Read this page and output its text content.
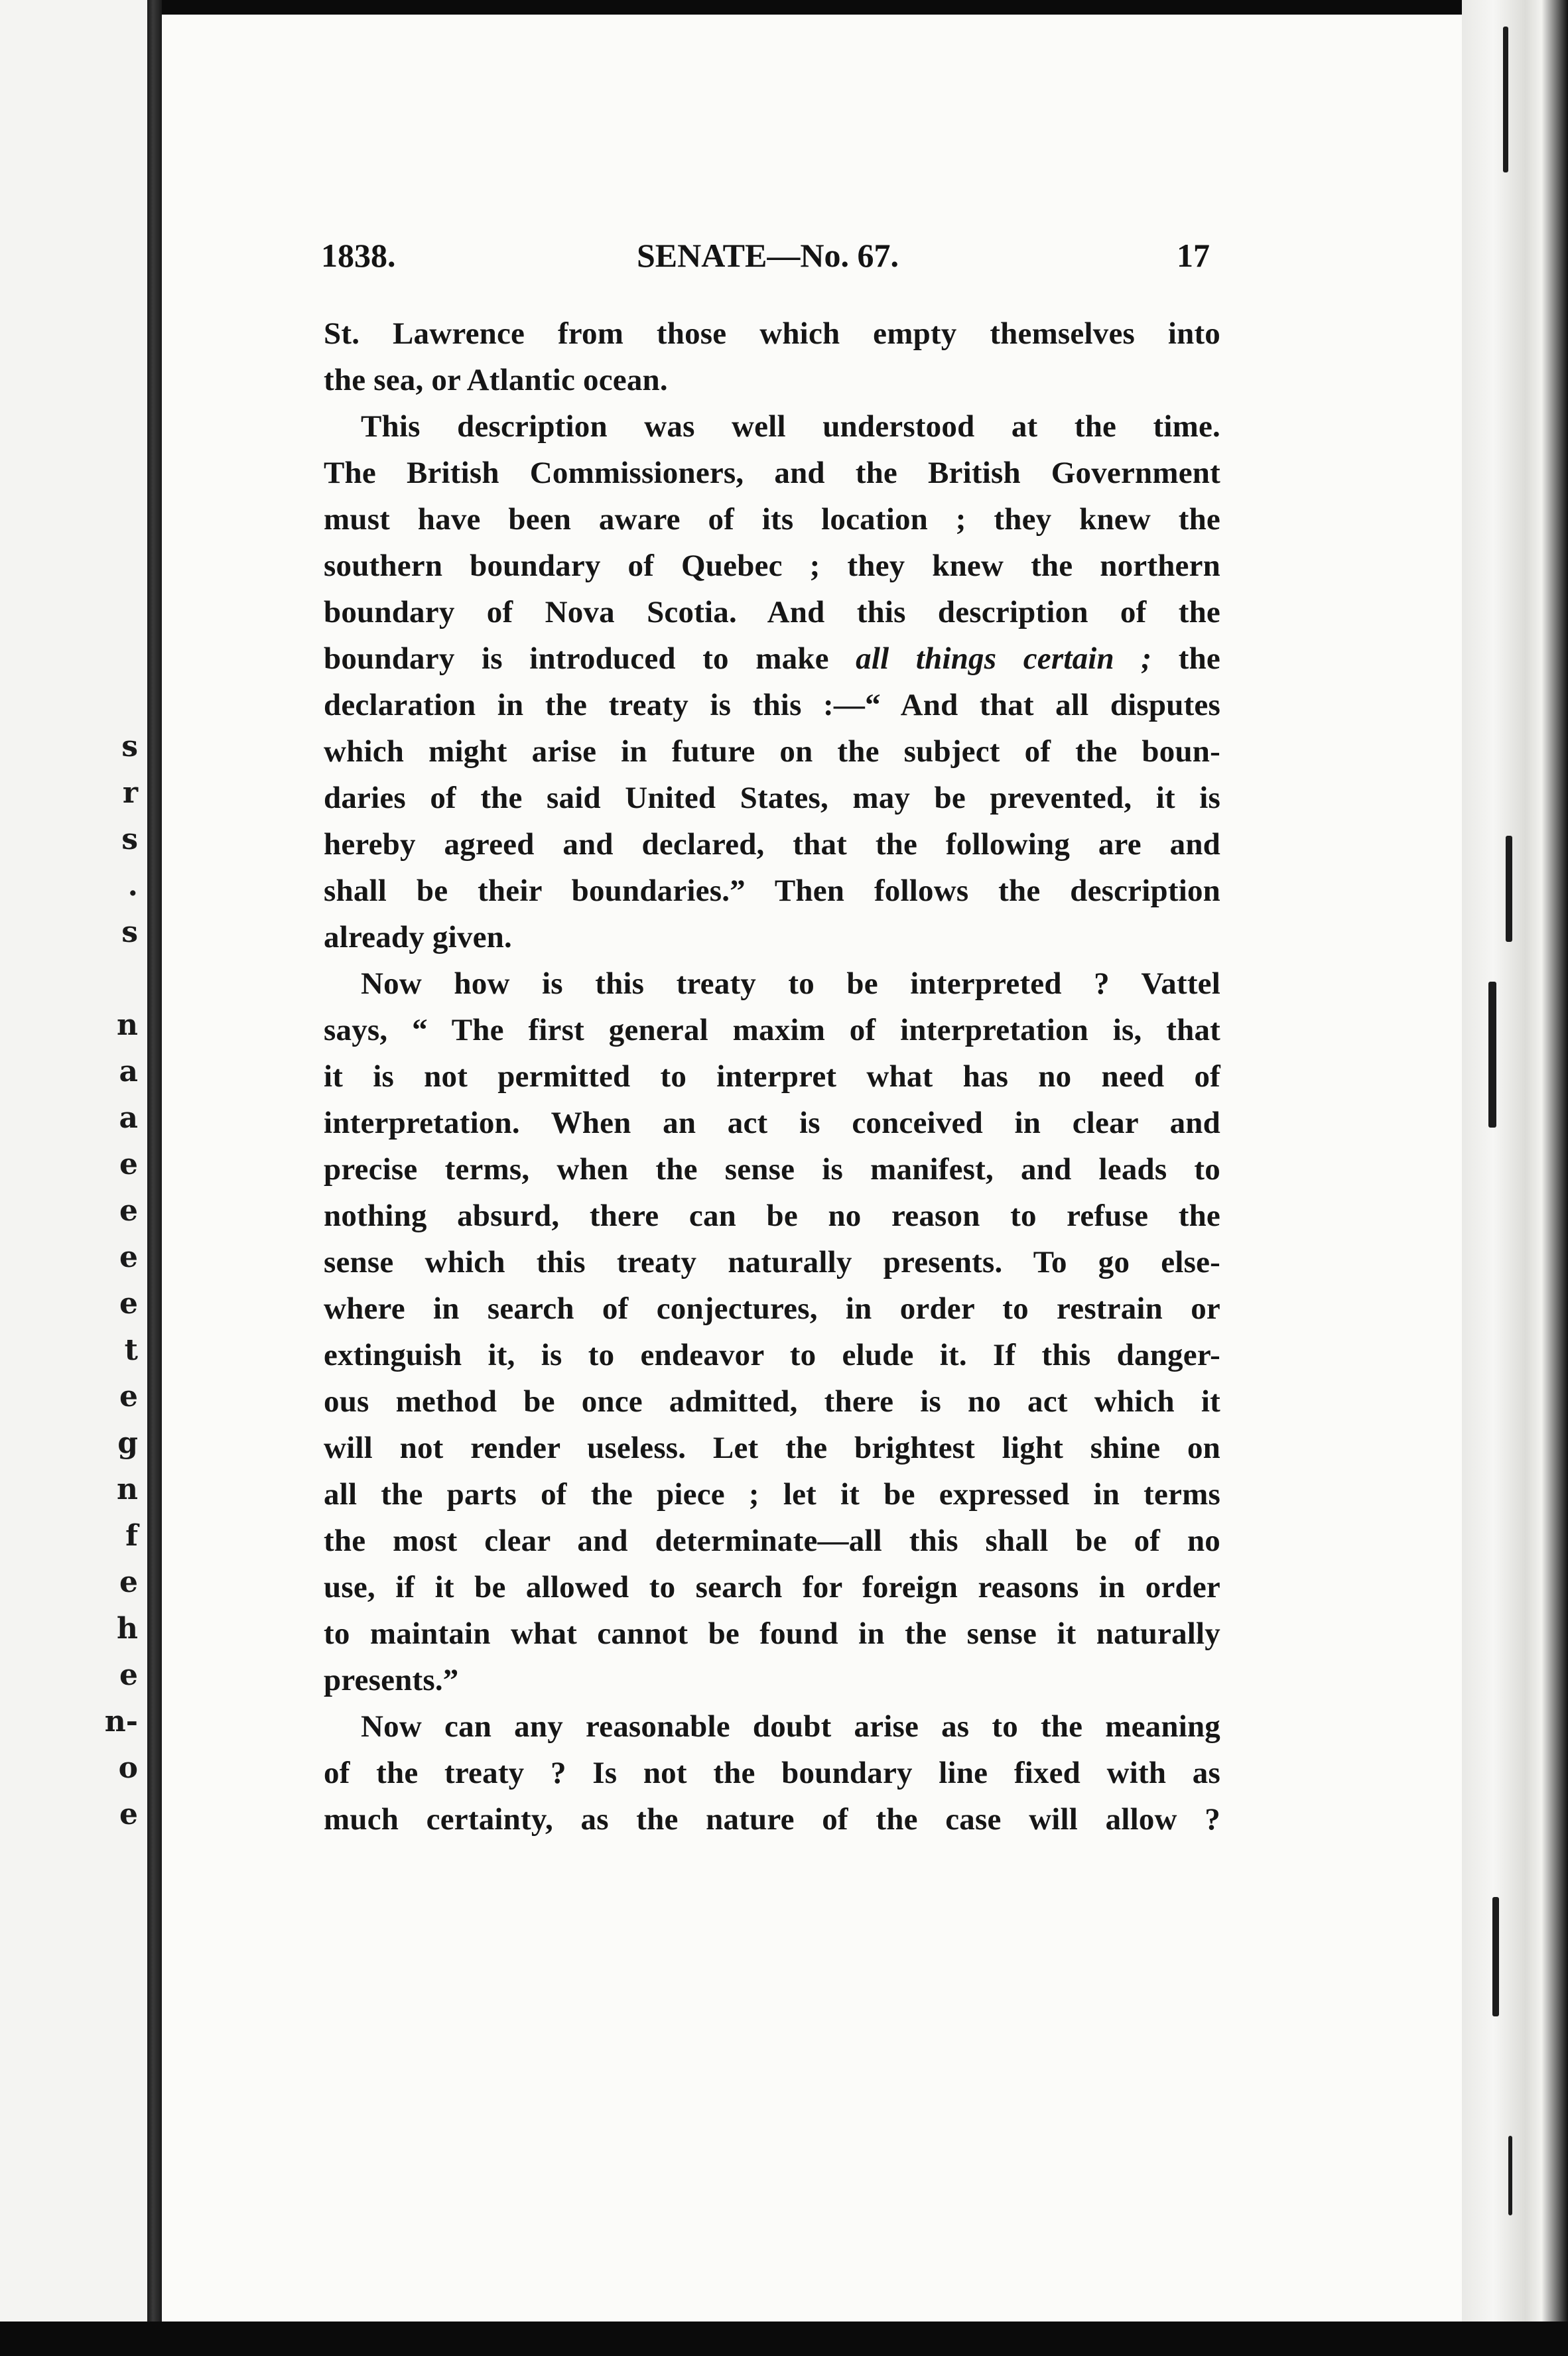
s
r
s
.
s
n
a
a
e
e
e
e
t
e
g
n
f
e
h
e
n-
o
e
1838.	SENATE—No. 67.	17

St. Lawrence from those which empty themselves into
the sea, or Atlantic ocean.

This description was well understood at the time.
The British Commissioners, and the British Government
must have been aware of its location ; they knew the
southern boundary of Quebec ; they knew the northern
boundary of Nova Scotia. And this description of the
boundary is introduced to make all things certain ; the
declaration in the treaty is this :—“ And that all disputes
which might arise in future on the subject of the boun-
daries of the said United States, may be prevented, it is
hereby agreed and declared, that the following are and
shall be their boundaries.” Then follows the description
already given.

Now how is this treaty to be interpreted ? Vattel
says, “ The first general maxim of interpretation is, that
it is not permitted to interpret what has no need of
interpretation. When an act is conceived in clear and
precise terms, when the sense is manifest, and leads to
nothing absurd, there can be no reason to refuse the
sense which this treaty naturally presents. To go else-
where in search of conjectures, in order to restrain or
extinguish it, is to endeavor to elude it. If this danger-
ous method be once admitted, there is no act which it
will not render useless. Let the brightest light shine on
all the parts of the piece ; let it be expressed in terms
the most clear and determinate—all this shall be of no
use, if it be allowed to search for foreign reasons in order
to maintain what cannot be found in the sense it naturally
presents.”

Now can any reasonable doubt arise as to the meaning
of the treaty ? Is not the boundary line fixed with as
much certainty, as the nature of the case will allow ?
